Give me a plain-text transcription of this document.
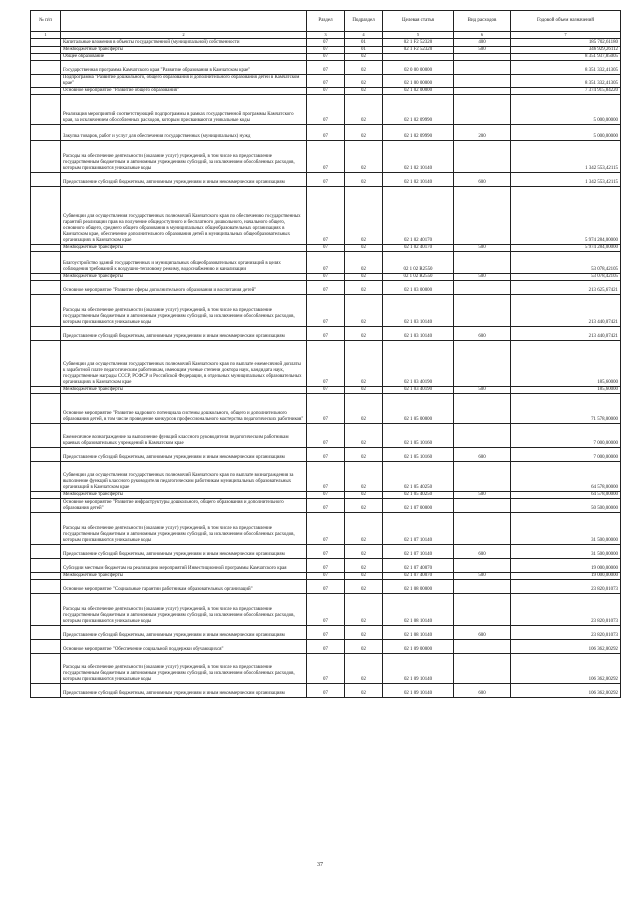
№ п/п		Раздел	Подраздел	Целевая статья	Вид расходов	Годовой объем назначений
1	2	3	4	5	6	7
	Капитальные вложения в объекты государственной (муниципальной) собственности	07	01	02 1 F2 52320	400	185 702,61180
	Межбюджетные трансферты	07	01	02 1 F2 52320	500	346 929,26112
	Общее образование	07	02			8 351 937,85005
	Государственная программа Камчатского края "Развитие образования в Камчатском крае"	07	02	02 0 00 00000		8 351 332,41305
	Подпрограмма "Развитие дошкольного, общего образования и дополнительного образования детей в Камчатском крае"	07	02	02 1 00 00000		8 351 332,41305
	Основное мероприятие "Развитие общего образования"	07	02	02 1 02 00000		7 374 915,84220
	Реализация мероприятий соответствующей подпрограммы в рамках государственной программы Камчатского края, за исключением обособленных расходов, которым присваиваются уникальные коды	07	02	02 1 02 09990		5 000,00000
	Закупка товаров, работ и услуг для обеспечения государственных (муниципальных) нужд	07	02	02 1 02 09990	200	5 000,00000
	Расходы на обеспечение деятельности (оказание услуг) учреждений, в том числе на предоставление государственным бюджетным и автономным учреждениям субсидий, за исключением обособленных расходов, которым присваиваются уникальные коды	07	02	02 1 02 10140		1 342 553,42115
	Предоставление субсидий бюджетным, автономным учреждениям и иным некоммерческим организациям	07	02	02 1 02 10140	600	1 342 553,42115
	Субвенции для осуществления государственных полномочий Камчатского края по обеспечению государственных гарантий реализации прав на получение общедоступного и бесплатного дошкольного, начального общего, основного общего, среднего общего образования в муниципальных общеобразовательных организациях в Камчатском крае, обеспечение дополнительного образования детей в муниципальных общеобразовательных организациях в Камчатском крае	07	02	02 1 02 40170		5 974 284,00000
	Межбюджетные трансферты	07	02	02 1 02 40170	500	5 974 284,00000
	Благоустройство зданий государственных и муниципальных общеобразовательных организаций в целях соблюдения требований к воздушно-тепловому режиму, водоснабжению и канализации	07	02	02 1 02 R2550		53 078,42105
	Межбюджетные трансферты	07	02	02 1 02 R2550	500	53 078,42105
	Основное мероприятие "Развитие сферы дополнительного образования и воспитания детей"	07	02	02 1 03 00000		213 625,67421
	Расходы на обеспечение деятельности (оказание услуг) учреждений, в том числе на предоставление государственным бюджетным и автономным учреждениям субсидий, за исключением обособленных расходов, которым присваиваются уникальные коды	07	02	02 1 03 10140		213 440,07421
	Предоставление субсидий бюджетным, автономным учреждениям и иным некоммерческим организациям	07	02	02 1 03 10140	600	213 440,07421
	Субвенции для осуществления государственных полномочий Камчатского края по выплате ежемесячной доплаты к заработной плате педагогическим работникам, имеющим ученые степени доктора наук, кандидата наук, государственные награды СССР, РСФСР и Российской Федерации, в отдельных муниципальных образовательных организациях в Камчатском крае	07	02	02 1 03 40190		185,60000
	Межбюджетные трансферты	07	02	02 1 03 40190	500	185,60000
	Основное мероприятие "Развитие кадрового потенциала системы дошкольного, общего и дополнительного образования детей, в том числе проведение конкурсов профессионального мастерства педагогических работников"	07	02	02 1 05 00000		71 578,00000
	Ежемесячное вознаграждение за выполнение функций классного руководителя педагогическим работникам краевых образовательных учреждений в Камчатском крае	07	02	02 1 05 10160		7 000,00000
	Предоставление субсидий бюджетным, автономным учреждениям и иным некоммерческим организациям	07	02	02 1 05 10160	600	7 000,00000
	Субвенции для осуществления государственных полномочий Камчатского края по выплате вознаграждения за выполнение функций классного руководителя педагогическим работникам муниципальных образовательных организаций в Камчатском крае	07	02	02 1 05 40250		64 578,00000
	Межбюджетные трансферты	07	02	02 1 05 40250	500	64 578,00000
	Основное мероприятие "Развитие инфраструктуры дошкольного, общего образования и дополнительного образования детей"	07	02	02 1 07 00000		50 500,00000
	Расходы на обеспечение деятельности (оказание услуг) учреждений, в том числе на предоставление государственным бюджетным и автономным учреждениям субсидий, за исключением обособленных расходов, которым присваиваются уникальные коды	07	02	02 1 07 10140		31 500,00000
	Предоставление субсидий бюджетным, автономным учреждениям и иным некоммерческим организациям	07	02	02 1 07 10140	600	31 500,00000
	Субсидии местным бюджетам на реализацию мероприятий Инвестиционной программы Камчатского края	07	02	02 1 07 40070		19 000,00000
	Межбюджетные трансферты	07	02	02 1 07 40070	500	19 000,00000
	Основное мероприятие "Социальные гарантии работникам образовательных организаций"	07	02	02 1 08 00000		23 820,01073
	Расходы на обеспечение деятельности (оказание услуг) учреждений, в том числе на предоставление государственным бюджетным и автономным учреждениям субсидий, за исключением обособленных расходов, которым присваиваются уникальные коды	07	02	02 1 08 10140		23 820,01073
	Предоставление субсидий бюджетным, автономным учреждениям и иным некоммерческим организациям	07	02	02 1 08 10140	600	23 820,01073
	Основное мероприятие "Обеспечение социальной поддержки обучающихся"	07	02	02 1 09 00000		106 362,00292
	Расходы на обеспечение деятельности (оказание услуг) учреждений, в том числе на предоставление государственным бюджетным и автономным учреждениям субсидий, за исключением обособленных расходов, которым присваиваются уникальные коды	07	02	02 1 09 10140		106 362,00292
	Предоставление субсидий бюджетным, автономным учреждениям и иным некоммерческим организациям	07	02	02 1 09 10140	600	106 362,00292
37
